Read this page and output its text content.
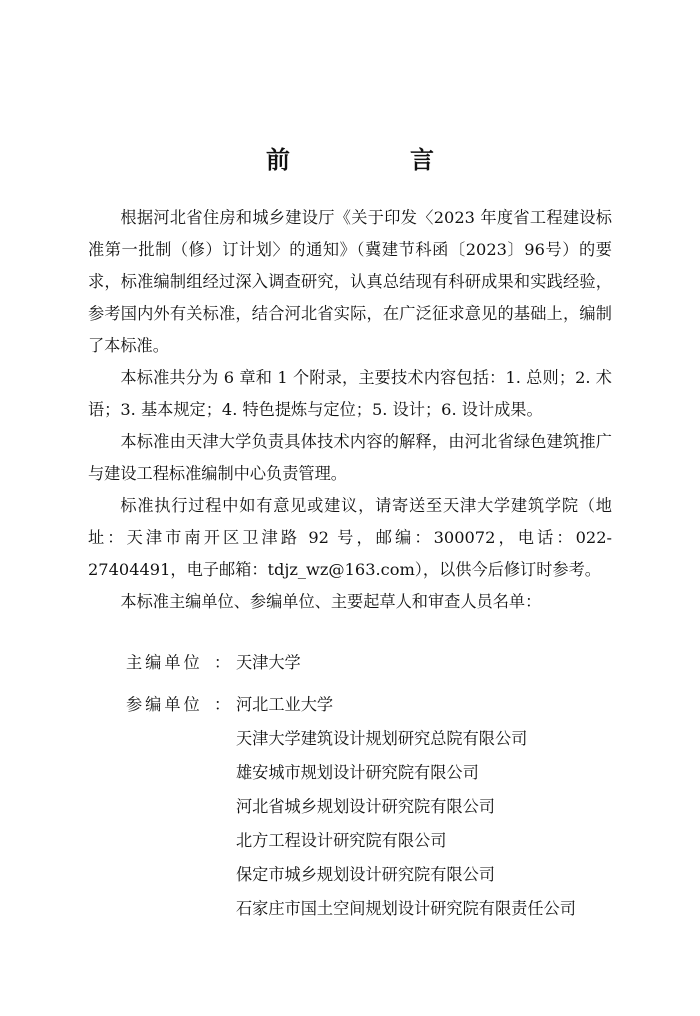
前　言

根据河北省住房和城乡建设厅《关于印发〈2023 年度省工程建设标准第一批制（修）订计划〉的通知》（冀建节科函〔2023〕96号）的要求，标准编制组经过深入调查研究，认真总结现有科研成果和实践经验，参考国内外有关标准，结合河北省实际，在广泛征求意见的基础上，编制了本标准。

本标准共分为 6 章和 1 个附录，主要技术内容包括：1. 总则；2. 术语；3. 基本规定；4. 特色提炼与定位；5. 设计；6. 设计成果。

本标准由天津大学负责具体技术内容的解释，由河北省绿色建筑推广与建设工程标准编制中心负责管理。

标准执行过程中如有意见或建议，请寄送至天津大学建筑学院（地址：天津市南开区卫津路 92 号，邮编：300072，电话：022-27404491，电子邮箱：tdjz_wz@163.com），以供今后修订时参考。

本标准主编单位、参编单位、主要起草人和审查人员名单：

主编单位 ： 天津大学
参编单位 ： 河北工业大学
天津大学建筑设计规划研究总院有限公司
雄安城市规划设计研究院有限公司
河北省城乡规划设计研究院有限公司
北方工程设计研究院有限公司
保定市城乡规划设计研究院有限公司
石家庄市国土空间规划设计研究院有限责任公司
